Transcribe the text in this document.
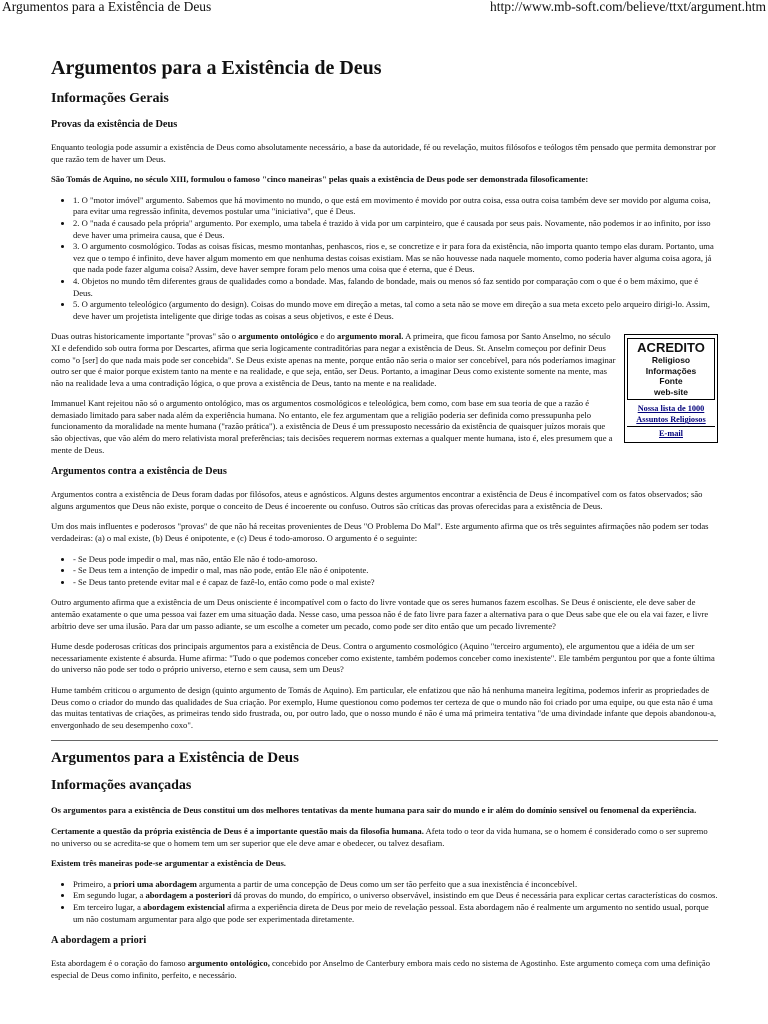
Argumentos para a Existência de Deus	http://www.mb-soft.com/believe/ttxt/argument.htm
Argumentos para a Existência de Deus
Informações Gerais
Provas da existência de Deus

Enquanto teologia pode assumir a existência de Deus como absolutamente necessário, a base da autoridade, fé ou revelação, muitos filósofos e teólogos têm pensado que permita demonstrar por que razão tem de haver um Deus.

São Tomás de Aquino, no século XIII, formulou o famoso "cinco maneiras" pelas quais a existência de Deus pode ser demonstrada filosoficamente:

• 1. O "motor imóvel" argumento. Sabemos que há movimento no mundo, o que está em movimento é movido por outra coisa, essa outra coisa também deve ser movido por alguma coisa, para evitar uma regressão infinita, devemos postular uma "iniciativa", que é Deus.
• 2. O "nada é causado pela própria" argumento. Por exemplo, uma tabela é trazido à vida por um carpinteiro, que é causada por seus pais. Novamente, não podemos ir ao infinito, por isso deve haver uma primeira causa, que é Deus.
• 3. O argumento cosmológico. Todas as coisas físicas, mesmo montanhas, penhascos, rios e, se concretize e ir para fora da existência, não importa quanto tempo elas duram. Portanto, uma vez que o tempo é infinito, deve haver algum momento em que nenhuma destas coisas existiam. Mas se não houvesse nada naquele momento, como poderia haver alguma coisa agora, já que nada pode fazer alguma coisa? Assim, deve haver sempre foram pelo menos uma coisa que é eterna, que é Deus.
• 4. Objetos no mundo têm diferentes graus de qualidades como a bondade. Mas, falando de bondade, mais ou menos só faz sentido por comparação com o que é o bem máximo, que é Deus.
• 5. O argumento teleológico (argumento do design). Coisas do mundo move em direção a metas, tal como a seta não se move em direção a sua meta exceto pelo arqueiro dirigi-lo. Assim, deve haver um projetista inteligente que dirige todas as coisas a seus objetivos, e este é Deus.
ACREDITO
Religioso
Informações
Fonte
web-site
Nossa lista de 1000
Assuntos Religiosos
E-mail

Duas outras historicamente importante "provas" são o argumento ontológico e do argumento moral. A primeira, que ficou famosa por Santo Anselmo, no século XI e defendido sob outra forma por Descartes, afirma que seria logicamente contraditórias para negar a existência de Deus. St. Anselm começou por definir Deus como "o [ser] do que nada mais pode ser concebida". Se Deus existe apenas na mente, porque então não seria o maior ser concebível, para nós poderíamos imaginar outro ser que é maior porque existem tanto na mente e na realidade, e que seja, então, ser Deus. Portanto, a imaginar Deus como existente somente na mente, mas não na realidade leva a uma contradição lógica, o que prova a existência de Deus, tanto na mente e na realidade.

Immanuel Kant rejeitou não só o argumento ontológico, mas os argumentos cosmológicos e teleológica, bem como, com base em sua teoria de que a razão é demasiado limitado para saber nada além da experiência humana. No entanto, ele fez argumentam que a religião poderia ser definida como pressupunha pelo funcionamento da moralidade na mente humana ("razão prática"). a existência de Deus é um pressuposto necessário da existência de quaisquer juízos morais que são objectivas, que vão além do mero relativista moral preferências; tais decisões requerem normas externas a qualquer mente humana, isto é, eles presumem que a mente de Deus.

Argumentos contra a existência de Deus

Argumentos contra a existência de Deus foram dadas por filósofos, ateus e agnósticos. Alguns destes argumentos encontrar a existência de Deus é incompatível com os fatos observados; são alguns argumentos que Deus não existe, porque o conceito de Deus é incoerente ou confuso. Outros são críticas das provas oferecidas para a existência de Deus.

Um dos mais influentes e poderosos "provas" de que não há receitas provenientes de Deus "O Problema Do Mal". Este argumento afirma que os três seguintes afirmações não podem ser todas verdadeiras: (a) o mal existe, (b) Deus é onipotente, e (c) Deus é todo-amoroso. O argumento é o seguinte:

• - Se Deus pode impedir o mal, mas não, então Ele não é todo-amoroso.
• - Se Deus tem a intenção de impedir o mal, mas não pode, então Ele não é onipotente.
• - Se Deus tanto pretende evitar mal e é capaz de fazê-lo, então como pode o mal existe?

Outro argumento afirma que a existência de um Deus onisciente é incompatível com o facto do livre vontade que os seres humanos fazem escolhas. Se Deus é onisciente, ele deve saber de antemão exatamente o que uma pessoa vai fazer em uma situação dada. Nesse caso, uma pessoa não é de fato livre para fazer a alternativa para o que Deus sabe que ele ou ela vai fazer, e livre arbítrio deve ser uma ilusão. Para dar um passo adiante, se um escolhe a cometer um pecado, como pode ser dito então que um pecado livremente?

Hume desde poderosas críticas dos principais argumentos para a existência de Deus. Contra o argumento cosmológico (Aquino "terceiro argumento), ele argumentou que a idéia de um ser necessariamente existente é absurda. Hume afirma: "Tudo o que podemos conceber como existente, também podemos conceber como inexistente". Ele também perguntou por que a fonte última do universo não pode ser todo o próprio universo, eterno e sem causa, sem um Deus?

Hume também criticou o argumento de design (quinto argumento de Tomás de Aquino). Em particular, ele enfatizou que não há nenhuma maneira legítima, podemos inferir as propriedades de Deus como o criador do mundo das qualidades de Sua criação. Por exemplo, Hume questionou como podemos ter certeza de que o mundo não foi criado por uma equipe, ou que esta não é uma das muitas tentativas de criações, as primeiras tendo sido frustrada, ou, por outro lado, que o nosso mundo é não é uma má primeira tentativa "de uma divindade infante que depois abandonou-a, envergonhado de seu desempenho coxo".

Argumentos para a Existência de Deus
Informações avançadas

Os argumentos para a existência de Deus constitui um dos melhores tentativas da mente humana para sair do mundo e ir além do domínio sensível ou fenomenal da experiência.

Certamente a questão da própria existência de Deus é a importante questão mais da filosofia humana. Afeta todo o teor da vida humana, se o homem é considerado como o ser supremo no universo ou se acredita-se que o homem tem um ser superior que ele deve amar e obedecer, ou talvez desafiam.

Existem três maneiras pode-se argumentar a existência de Deus.

• Primeiro, a priori uma abordagem argumenta a partir de uma concepção de Deus como um ser tão perfeito que a sua inexistência é inconcebível.
• Em segundo lugar, a abordagem a posteriori dá provas do mundo, do empírico, o universo observável, insistindo em que Deus é necessária para explicar certas características do cosmos.
• Em terceiro lugar, a abordagem existencial afirma a experiência direta de Deus por meio de revelação pessoal. Esta abordagem não é realmente um argumento no sentido usual, porque um não costumam argumentar para algo que pode ser experimentada diretamente.
A abordagem a priori

Esta abordagem é o coração do famoso argumento ontológico, concebido por Anselmo de Canterbury embora mais cedo no sistema de Agostinho. Este argumento começa com uma definição especial de Deus como infinito, perfeito, e necessário.
